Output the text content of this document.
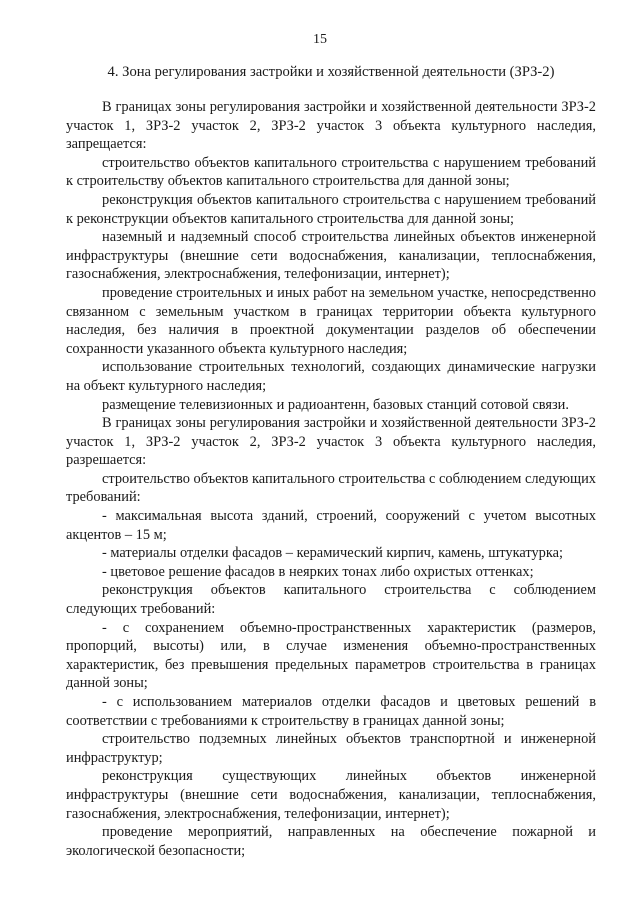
15
4. Зона регулирования застройки и хозяйственной деятельности (ЗРЗ-2)

В границах зоны регулирования застройки и хозяйственной деятельности ЗРЗ-2 участок 1, ЗРЗ-2 участок 2, ЗРЗ-2 участок 3 объекта культурного наследия, запрещается:

строительство объектов капитального строительства с нарушением требований к строительству объектов капитального строительства для данной зоны;

реконструкция объектов капитального строительства с нарушением требований к реконструкции объектов капитального строительства для данной зоны;

наземный и надземный способ строительства линейных объектов инженерной инфраструктуры (внешние сети водоснабжения, канализации, теплоснабжения, газоснабжения, электроснабжения, телефонизации, интернет);

проведение строительных и иных работ на земельном участке, непосредственно связанном с земельным участком в границах территории объекта культурного наследия, без наличия в проектной документации разделов об обеспечении сохранности указанного объекта культурного наследия;

использование строительных технологий, создающих динамические нагрузки на объект культурного наследия;

размещение телевизионных и радиоантенн, базовых станций сотовой связи.

В границах зоны регулирования застройки и хозяйственной деятельности ЗРЗ-2 участок 1, ЗРЗ-2 участок 2, ЗРЗ-2 участок 3 объекта культурного наследия, разрешается:

строительство объектов капитального строительства с соблюдением следующих требований:

- максимальная высота зданий, строений, сооружений с учетом высотных акцентов – 15 м;

- материалы отделки фасадов – керамический кирпич, камень, штукатурка;

- цветовое решение фасадов в неярких тонах либо охристых оттенках;

реконструкция объектов капитального строительства с соблюдением следующих требований:

- с сохранением объемно-пространственных характеристик (размеров, пропорций, высоты) или, в случае изменения объемно-пространственных характеристик, без превышения предельных параметров строительства в границах данной зоны;

- с использованием материалов отделки фасадов и цветовых решений в соответствии с требованиями к строительству в границах данной зоны;

строительство подземных линейных объектов транспортной и инженерной инфраструктур;

реконструкция существующих линейных объектов инженерной инфраструктуры (внешние сети водоснабжения, канализации, теплоснабжения, газоснабжения, электроснабжения, телефонизации, интернет);

проведение мероприятий, направленных на обеспечение пожарной и экологической безопасности;
